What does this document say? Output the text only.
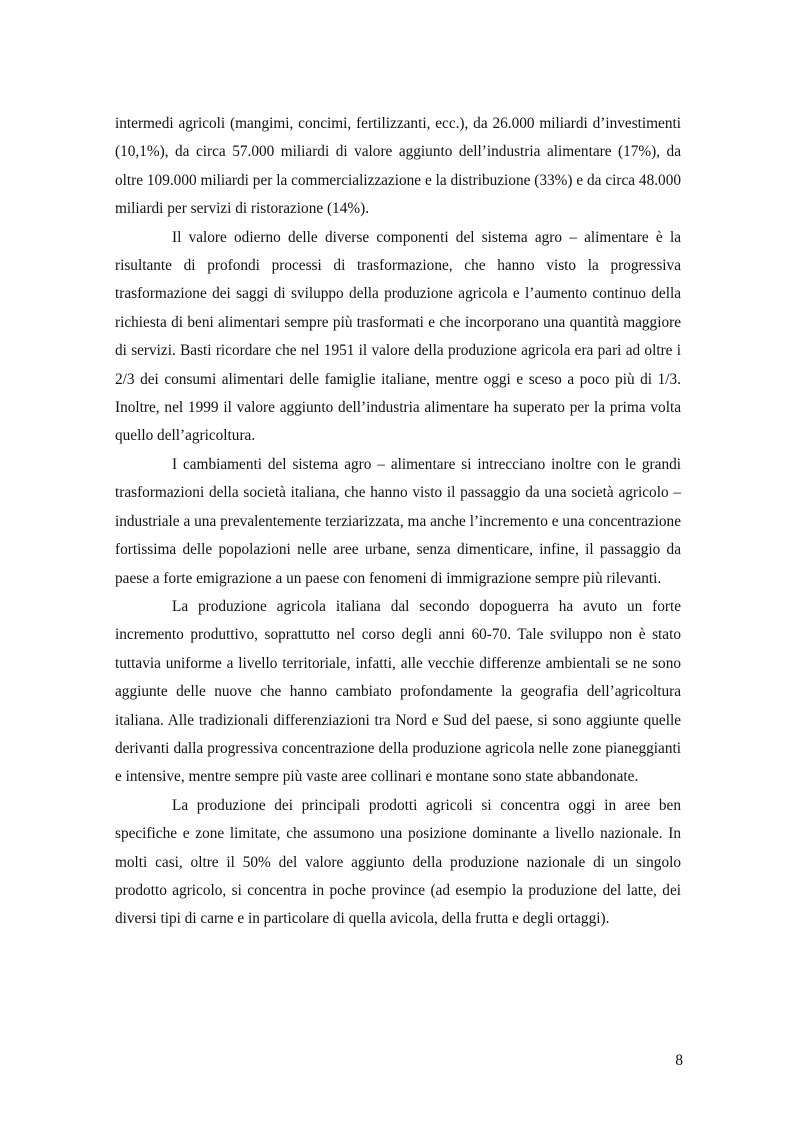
intermedi agricoli (mangimi, concimi, fertilizzanti, ecc.), da 26.000 miliardi d’investimenti (10,1%), da circa 57.000 miliardi di valore aggiunto dell’industria alimentare (17%), da oltre 109.000 miliardi per la commercializzazione e la distribuzione (33%) e da circa 48.000 miliardi per servizi di ristorazione (14%).

Il valore odierno delle diverse componenti del sistema agro – alimentare è la risultante di profondi processi di trasformazione, che hanno visto la progressiva trasformazione dei saggi di sviluppo della produzione agricola e l’aumento continuo della richiesta di beni alimentari sempre più trasformati e che incorporano una quantità maggiore di servizi. Basti ricordare che nel 1951 il valore della produzione agricola era pari ad oltre i 2/3 dei consumi alimentari delle famiglie italiane, mentre oggi e sceso a poco più di 1/3. Inoltre, nel 1999 il valore aggiunto dell’industria alimentare ha superato per la prima volta quello dell’agricoltura.

I cambiamenti del sistema agro – alimentare si intrecciano inoltre con le grandi trasformazioni della società italiana, che hanno visto il passaggio da una società agricolo – industriale a una prevalentemente terziarizzata, ma anche l’incremento e una concentrazione fortissima delle popolazioni nelle aree urbane, senza dimenticare, infine, il passaggio da paese a forte emigrazione a un paese con fenomeni di immigrazione sempre più rilevanti.

La produzione agricola italiana dal secondo dopoguerra ha avuto un forte incremento produttivo, soprattutto nel corso degli anni 60-70. Tale sviluppo non è stato tuttavia uniforme a livello territoriale, infatti, alle vecchie differenze ambientali se ne sono aggiunte delle nuove che hanno cambiato profondamente la geografia dell’agricoltura italiana. Alle tradizionali differenziazioni tra Nord e Sud del paese, si sono aggiunte quelle derivanti dalla progressiva concentrazione della produzione agricola nelle zone pianeggianti e intensive, mentre sempre più vaste aree collinari e montane sono state abbandonate.

La produzione dei principali prodotti agricoli si concentra oggi in aree ben specifiche e zone limitate, che assumono una posizione dominante a livello nazionale. In molti casi, oltre il 50% del valore aggiunto della produzione nazionale di un singolo prodotto agricolo, si concentra in poche province (ad esempio la produzione del latte, dei diversi tipi di carne e in particolare di quella avicola, della frutta e degli ortaggi).

8
